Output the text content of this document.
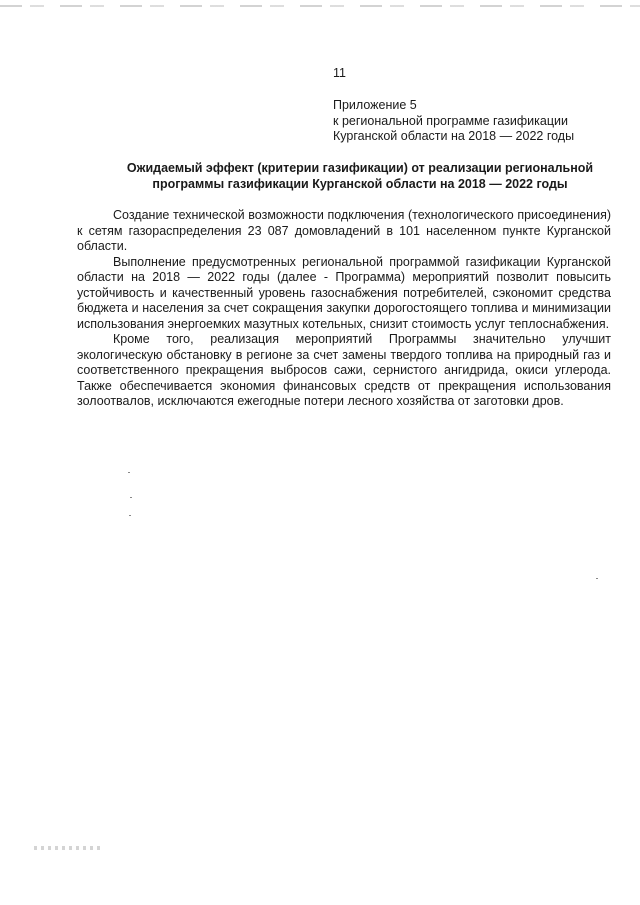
11
Приложение 5
к региональной программе газификации
Курганской области на 2018 — 2022 годы
Ожидаемый эффект (критерии газификации) от реализации региональной
программы газификации Курганской области на 2018 — 2022 годы

Создание технической возможности подключения (технологического присоединения) к сетям газораспределения 23 087 домовладений в 101 населенном пункте Курганской области.

Выполнение предусмотренных региональной программой газификации Курганской области на 2018 — 2022 годы (далее - Программа) мероприятий позволит повысить устойчивость и качественный уровень газоснабжения потребителей, сэкономит средства бюджета и населения за счет сокращения закупки дорогостоящего топлива и минимизации использования энергоемких мазутных котельных, снизит стоимость услуг теплоснабжения.

Кроме того, реализация мероприятий Программы значительно улучшит экологическую обстановку в регионе за счет замены твердого топлива на природный газ и соответственного прекращения выбросов сажи, сернистого ангидрида, окиси углерода. Также обеспечивается экономия финансовых средств от прекращения использования золоотвалов, исключаются ежегодные потери лесного хозяйства от заготовки дров.
